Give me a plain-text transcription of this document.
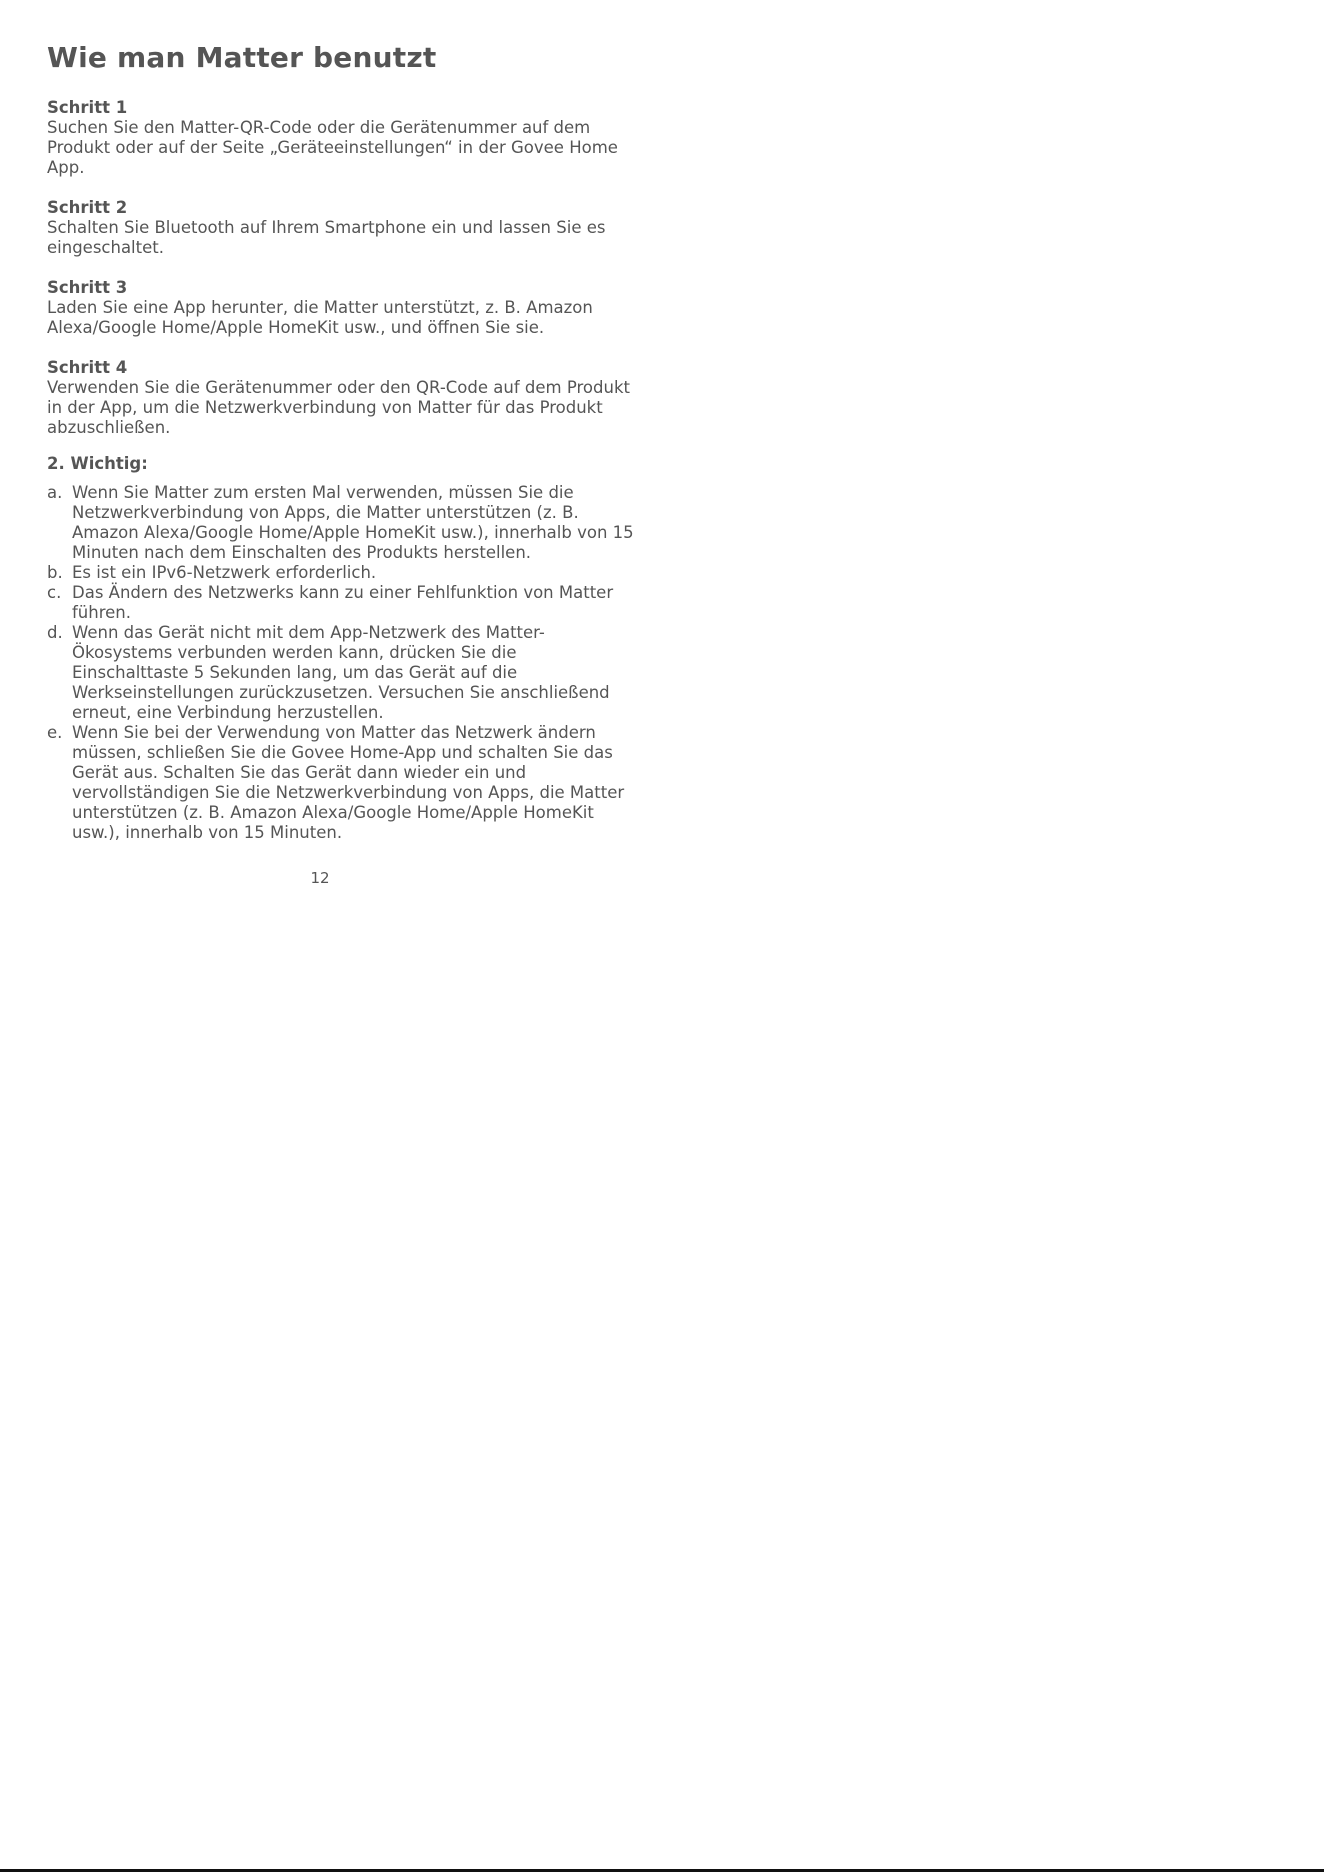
Wie man Matter benutzt
Schritt 1
Suchen Sie den Matter-QR-Code oder die Gerätenummer auf dem Produkt oder auf der Seite „Geräteeinstellungen“ in der Govee Home App.
Schritt 2
Schalten Sie Bluetooth auf Ihrem Smartphone ein und lassen Sie es eingeschaltet.
Schritt 3
Laden Sie eine App herunter, die Matter unterstützt, z. B. Amazon Alexa/Google Home/Apple HomeKit usw., und öffnen Sie sie.
Schritt 4
Verwenden Sie die Gerätenummer oder den QR-Code auf dem Produkt in der App, um die Netzwerkverbindung von Matter für das Produkt abzuschließen.
2. Wichtig:
a. Wenn Sie Matter zum ersten Mal verwenden, müssen Sie die Netzwerkverbindung von Apps, die Matter unterstützen (z. B. Amazon Alexa/Google Home/Apple HomeKit usw.), innerhalb von 15 Minuten nach dem Einschalten des Produkts herstellen.
b. Es ist ein IPv6-Netzwerk erforderlich.
c. Das Ändern des Netzwerks kann zu einer Fehlfunktion von Matter führen.
d. Wenn das Gerät nicht mit dem App-Netzwerk des Matter-Ökosystems verbunden werden kann, drücken Sie die Einschalttaste 5 Sekunden lang, um das Gerät auf die Werkseinstellungen zurückzusetzen. Versuchen Sie anschließend erneut, eine Verbindung herzustellen.
e. Wenn Sie bei der Verwendung von Matter das Netzwerk ändern müssen, schließen Sie die Govee Home-App und schalten Sie das Gerät aus. Schalten Sie das Gerät dann wieder ein und vervollständigen Sie die Netzwerkverbindung von Apps, die Matter unterstützen (z. B. Amazon Alexa/Google Home/Apple HomeKit usw.), innerhalb von 15 Minuten.
12
